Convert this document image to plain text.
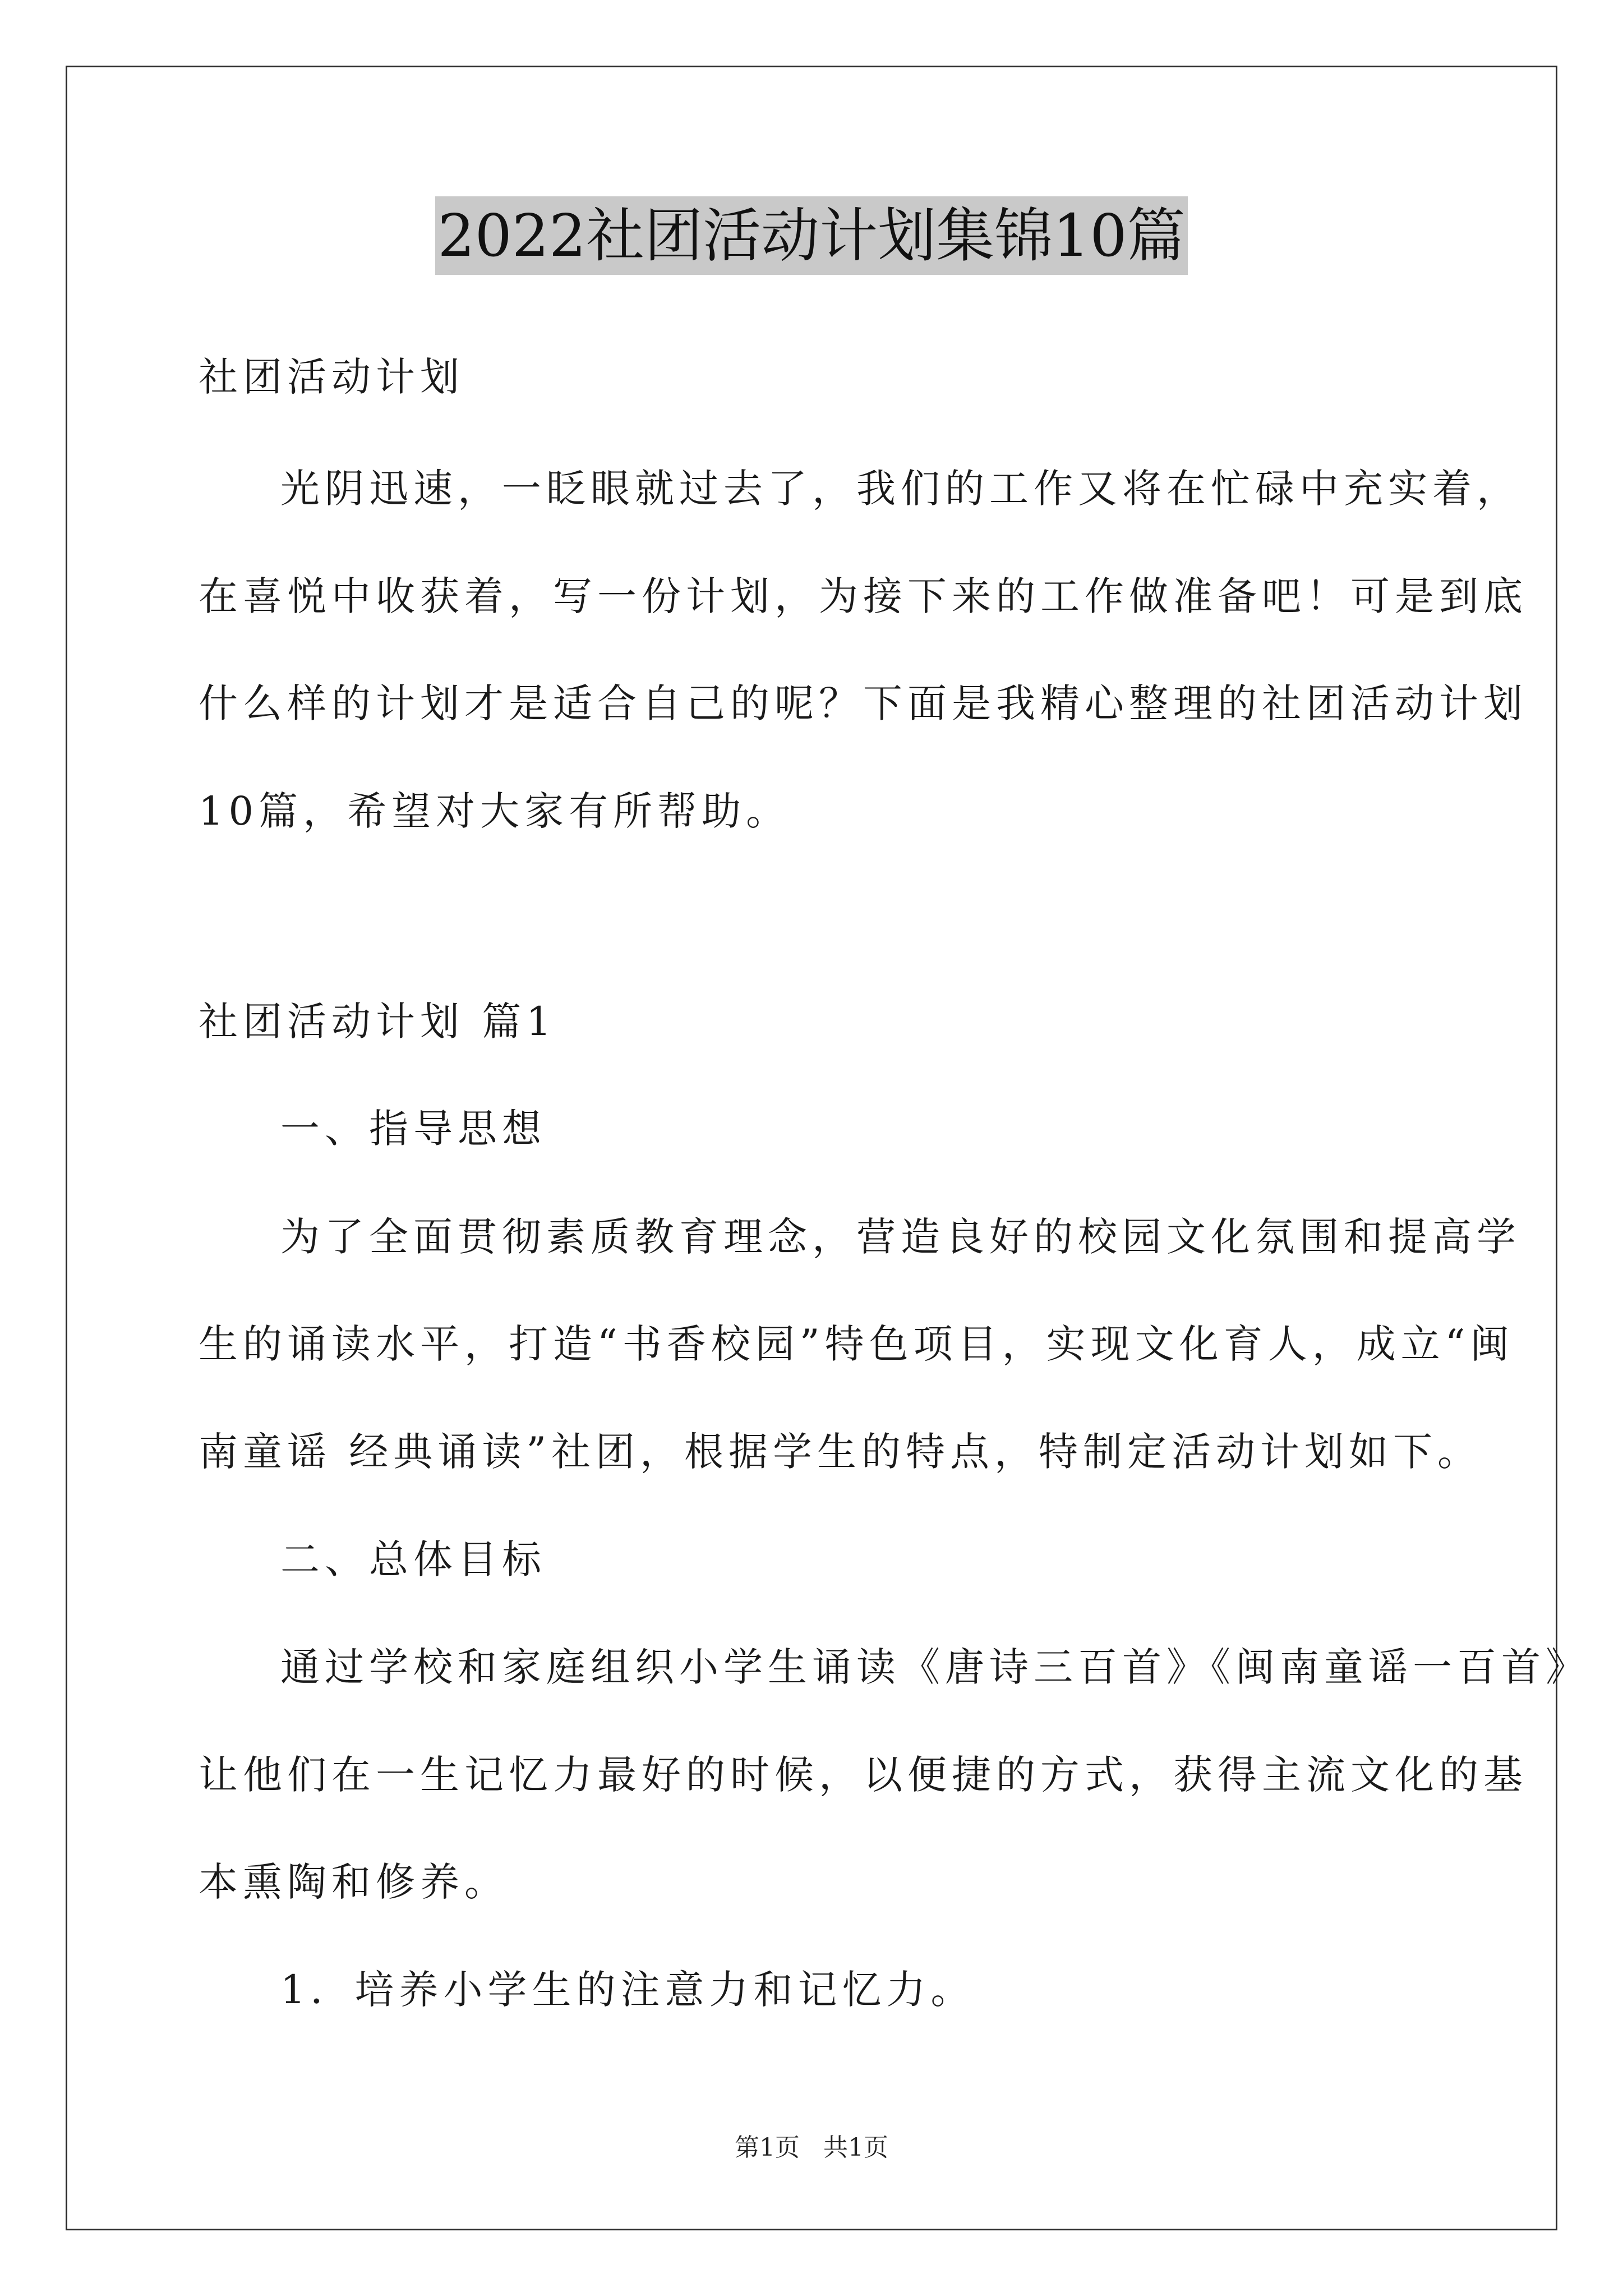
2022社团活动计划集锦10篇
社团活动计划
光阴迅速，一眨眼就过去了，我们的工作又将在忙碌中充实着，
在喜悦中收获着，写一份计划，为接下来的工作做准备吧！可是到底
什么样的计划才是适合自己的呢？下面是我精心整理的社团活动计划
10篇，希望对大家有所帮助。
社团活动计划 篇1
一、指导思想
为了全面贯彻素质教育理念，营造良好的校园文化氛围和提高学
生的诵读水平，打造“书香校园”特色项目，实现文化育人，成立“闽
南童谣 经典诵读”社团，根据学生的特点，特制定活动计划如下。
二、总体目标
通过学校和家庭组织小学生诵读《唐诗三百首》《闽南童谣一百首》
让他们在一生记忆力最好的时候，以便捷的方式，获得主流文化的基
本熏陶和修养。
1．培养小学生的注意力和记忆力。
第1页   共1页
